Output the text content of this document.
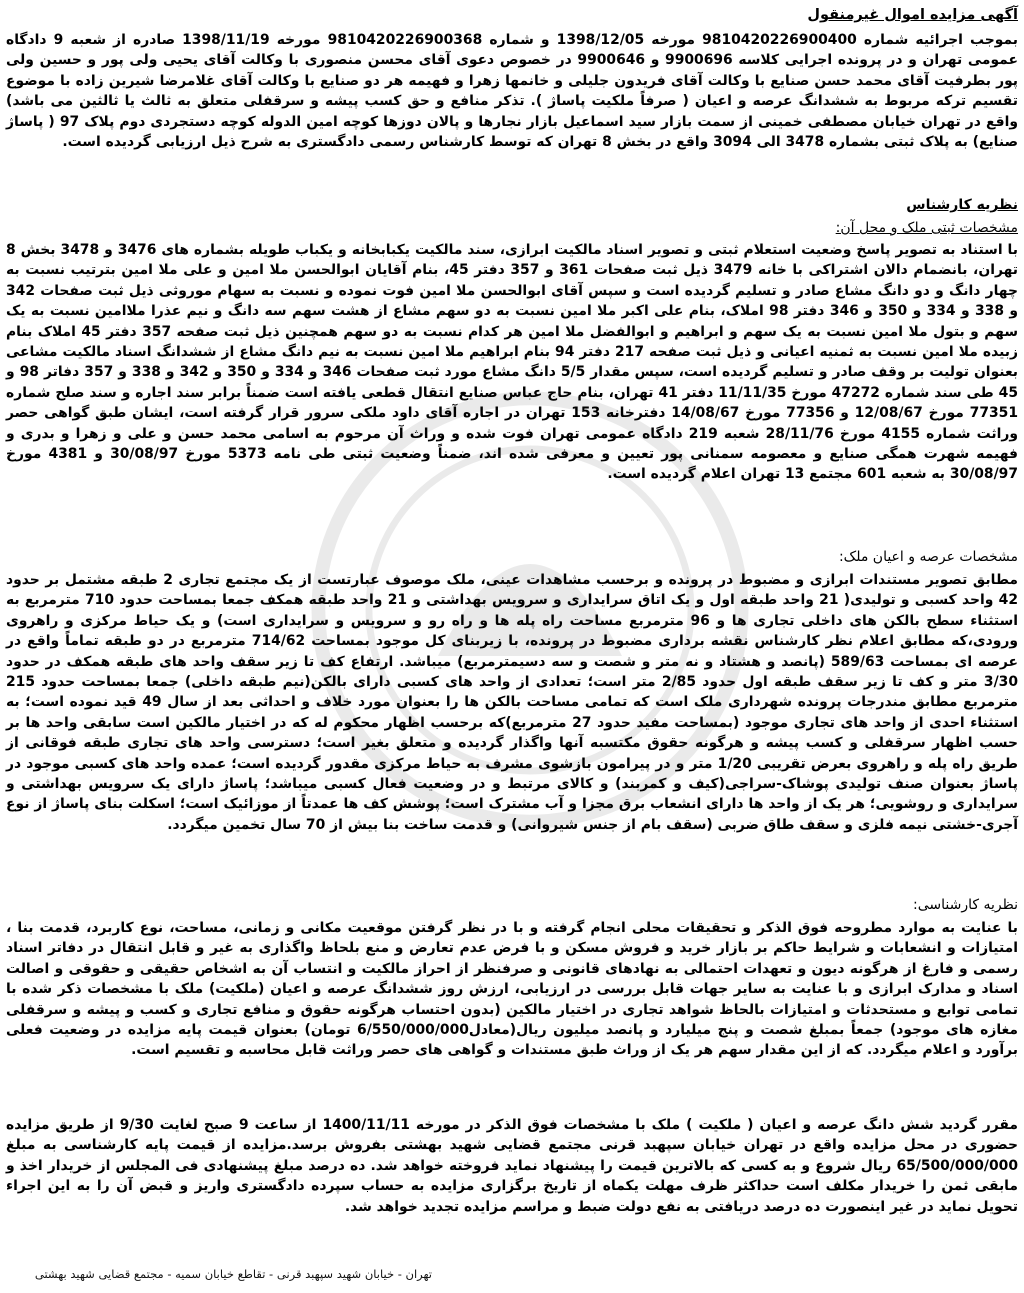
آگهی مزایده اموال غیرمنقول

بموجب اجرائیه شماره 9810420226900400 مورخه 1398/12/05 و شماره 9810420226900368 مورخه 1398/11/19 صادره از شعبه 9 دادگاه عمومی تهران و در پرونده اجرایی کلاسه 9900696 و 9900646 در خصوص دعوی آقای محسن منصوری با وکالت آقای یحیی ولی پور و حسین ولی پور بطرفیت آقای محمد حسن صنایع با وکالت آقای فریدون جلیلی و خانمها زهرا و فهیمه هر دو صنایع با وکالت آقای غلامرضا شیرین زاده با موضوع تقسیم ترکه مربوط به ششدانگ عرصه و اعیان ( صرفاً ملکیت پاساژ ). تذکر منافع و حق کسب پیشه و سرقفلی متعلق به ثالث یا ثالثین می باشد) واقع در تهران خیابان مصطفی خمینی از سمت بازار سید اسماعیل بازار نجارها و پالان دوزها کوچه امین الدوله کوچه دستجردی دوم پلاک 97 ( پاساژ صنایع) به پلاک ثبتی بشماره 3478 الی 3094 واقع در بخش 8 تهران که توسط کارشناس رسمی دادگستری به شرح ذیل ارزیابی گردیده است.

نظریه کارشناس
مشخصات ثبتی ملک و محل آن:

با استناد به تصویر پاسخ وضعیت استعلام ثبتی و تصویر اسناد مالکیت ابرازی، سند مالکیت یکبابخانه و یکباب طویله بشماره های 3476 و 3478 بخش 8 تهران، بانضمام دالان اشتراکی با خانه 3479 ذیل ثبت صفحات 361 و 357 دفتر 45، بنام آقایان ابوالحسن ملا امین و علی ملا امین بترتیب نسبت به چهار دانگ و دو دانگ مشاع صادر و تسلیم گردیده است و سپس آقای ابوالحسن ملا امین فوت نموده و نسبت به سهام موروثی ذیل ثبت صفحات 342 و 338 و 334 و 350 و 346 دفتر 98 املاک، بنام علی اکبر ملا امین نسبت به دو سهم مشاع از هشت سهم سه دانگ و نیم عذرا ملاامین نسبت به یک سهم و بتول ملا امین نسبت به یک سهم و ابراهیم و ابوالفضل ملا امین هر کدام نسبت به دو سهم همچنین ذیل ثبت صفحه 357 دفتر 45 املاک بنام زبیده ملا امین نسبت به ثمنیه اعیانی و ذیل ثبت صفحه 217 دفتر 94 بنام ابراهیم ملا امین نسبت به نیم دانگ مشاع از ششدانگ اسناد مالکیت مشاعی بعنوان تولیت بر وقف صادر و تسلیم گردیده است، سپس مقدار 5/5 دانگ مشاع مورد ثبت صفحات 346 و 334 و 350 و 342 و 338 و 357 دفاتر 98 و 45 طی سند شماره 47272 مورخ 11/11/35 دفتر 41 تهران، بنام حاج عباس صنایع انتقال قطعی یافته است ضمناً برابر سند اجاره و سند صلح شماره 77351 مورخ 12/08/67 و 77356 مورخ 14/08/67 دفترخانه 153 تهران در اجاره آقای داود ملکی سرور قرار گرفته است، ایشان طبق گواهی حصر وراثت شماره 4155 مورخ 28/11/76 شعبه 219 دادگاه عمومی تهران فوت شده و وراث آن مرحوم به اسامی محمد حسن و علی و زهرا و بدری و فهیمه شهرت همگی صنایع و معصومه سمنانی پور تعیین و معرفی شده اند، ضمناً وضعیت ثبتی طی نامه 5373 مورخ 30/08/97 و 4381 مورخ 30/08/97 به شعبه 601 مجتمع 13 تهران اعلام گردیده است.

مشخصات عرصه و اعیان ملک:

مطابق تصویر مستندات ابرازی و مضبوط در پرونده و برحسب مشاهدات عینی، ملک موصوف عبارتست از یک مجتمع تجاری 2 طبقه مشتمل بر حدود 42 واحد کسبی و تولیدی( 21 واحد طبقه اول و یک اتاق سرایداری و سرویس بهداشتی و 21 واحد طبقه همکف جمعا بمساحت حدود 710 مترمربع به استثناء سطح بالکن های داخلی تجاری ها و 96 مترمربع مساحت راه پله ها و راه رو و سرویس و سرایداری است) و یک حیاط مرکزی و راهروی ورودی،که مطابق اعلام نظر کارشناس نقشه برداری مضبوط در پرونده، با زیربنای کل موجود بمساحت 714/62 مترمربع در دو طبقه تماماً واقع در عرصه ای بمساحت 589/63 (پانصد و هشتاد و نه متر و شصت و سه دسیمترمربع) میباشد. ارتفاع کف تا زیر سقف واحد های طبقه همکف در حدود 3/30 متر و کف تا زیر سقف طبقه اول حدود 2/85 متر است؛ تعدادی از واحد های کسبی دارای بالکن(نیم طبقه داخلی) جمعا بمساحت حدود 215 مترمربع مطابق مندرجات پرونده شهرداری ملک است که تمامی مساحت بالکن ها را بعنوان مورد خلاف و احداثی بعد از سال 49 قید نموده است؛ به استثناء احدی از واحد های تجاری موجود (بمساحت مفید حدود 27 مترمربع)که برحسب اظهار محکوم له که در اختیار مالکین است سابقی واحد ها بر حسب اظهار سرقفلی و کسب پیشه و هرگونه حقوق مکتسبه آنها واگذار گردیده و متعلق بغیر است؛ دسترسی واحد های تجاری طبقه فوقانی از طریق راه پله و راهروی بعرض تقریبی 1/20 متر و در پیرامون بازشوی مشرف به حیاط مرکزی مقدور گردیده است؛ عمده واحد های کسبی موجود در پاساژ بعنوان صنف تولیدی پوشاک-سراجی(کیف و کمربند) و کالای مرتبط و در وضعیت فعال کسبی میباشد؛ پاساژ دارای یک سرویس بهداشتی و سرایداری و روشویی؛ هر یک از واحد ها دارای انشعاب برق مجزا و آب مشترک است؛ پوشش کف ها عمدتاً از موزائیک است؛ اسکلت بنای پاساژ از نوع آجری-خشتی نیمه فلزی و سقف طاق ضربی (سقف بام از جنس شیروانی) و قدمت ساخت بنا بیش از 70 سال تخمین میگردد.

نظریه کارشناسی:

با عنایت به موارد مطروحه فوق الذکر و تحقیقات محلی انجام گرفته و با در نظر گرفتن موقعیت مکانی و زمانی، مساحت، نوع کاربرد، قدمت بنا ، امتیازات و انشعابات و شرایط حاکم بر بازار خرید و فروش مسکن و با فرض عدم تعارض و منع بلحاظ واگذاری به غیر و قابل انتقال در دفاتر اسناد رسمی و فارغ از هرگونه دیون و تعهدات احتمالی به نهادهای قانونی و صرفنظر از احراز مالکیت و انتساب آن به اشخاص حقیقی و حقوقی و اصالت اسناد و مدارک ابرازی و با عنایت به سایر جهات قابل بررسی در ارزیابی، ارزش روز ششدانگ عرصه و اعیان (ملکیت) ملک با مشخصات ذکر شده با تمامی توابع و مستحدثات و امتیازات بالحاظ شواهد تجاری در اختیار مالکین (بدون احتساب هرگونه حقوق و منافع تجاری و کسب و پیشه و سرقفلی مغازه های موجود) جمعاً بمبلغ شصت و پنج میلیارد و پانصد میلیون ریال(معادل6/550/000/000 تومان) بعنوان قیمت پایه مزایده در وضعیت فعلی برآورد و اعلام میگردد. که از این مقدار سهم هر یک از وراث طبق مستندات و گواهی های حصر وراثت قابل محاسبه و تقسیم است.

مقرر گردید شش دانگ عرصه و اعیان ( ملکیت ) ملک با مشخصات فوق الذکر در مورخه 1400/11/11 از ساعت 9 صبح لغایت 9/30 از طریق مزایده حضوری در محل مزایده واقع در تهران خیابان سپهبد قرنی مجتمع قضایی شهید بهشتی بفروش برسد.مزایده از قیمت پایه کارشناسی به مبلغ 65/500/000/000 ریال شروع و به کسی که بالاترین قیمت را پیشنهاد نماید فروخته خواهد شد. ده درصد مبلغ پیشنهادی فی المجلس از خریدار اخذ و مابقی ثمن را خریدار مکلف است حداکثر ظرف مهلت یکماه از تاریخ برگزاری مزایده به حساب سپرده دادگستری واریز و قبض آن را به این اجراء تحویل نماید در غیر اینصورت ده درصد دریافتی به نفع دولت ضبط و مراسم مزایده تجدید خواهد شد.

تهران - خیابان شهید سپهبد قرنی - تقاطع خیابان سمیه - مجتمع قضایی شهید بهشتی
